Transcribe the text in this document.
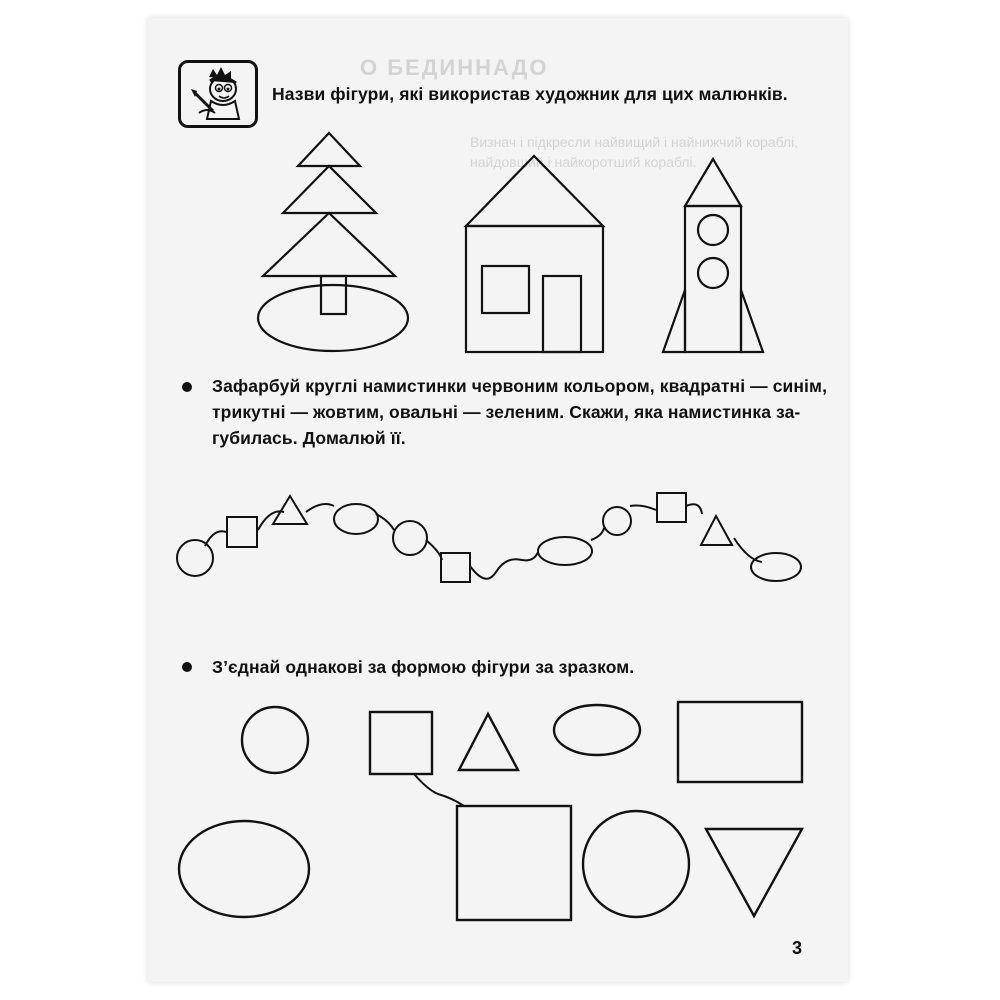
О БЕДИННАДО
Визнач і підкресли найвищий і найнижчий кораблі,
найдовший і найкоротший кораблі.
Назви фігури, які використав художник для цих малюнків.
Зафарбуй круглі намистинки червоним кольором, квадратні — синім,
трикутні — жовтим, овальні — зеленим. Скажи, яка намистинка за-
губилась. Домалюй її.
З’єднай однакові за формою фігури за зразком.
3
